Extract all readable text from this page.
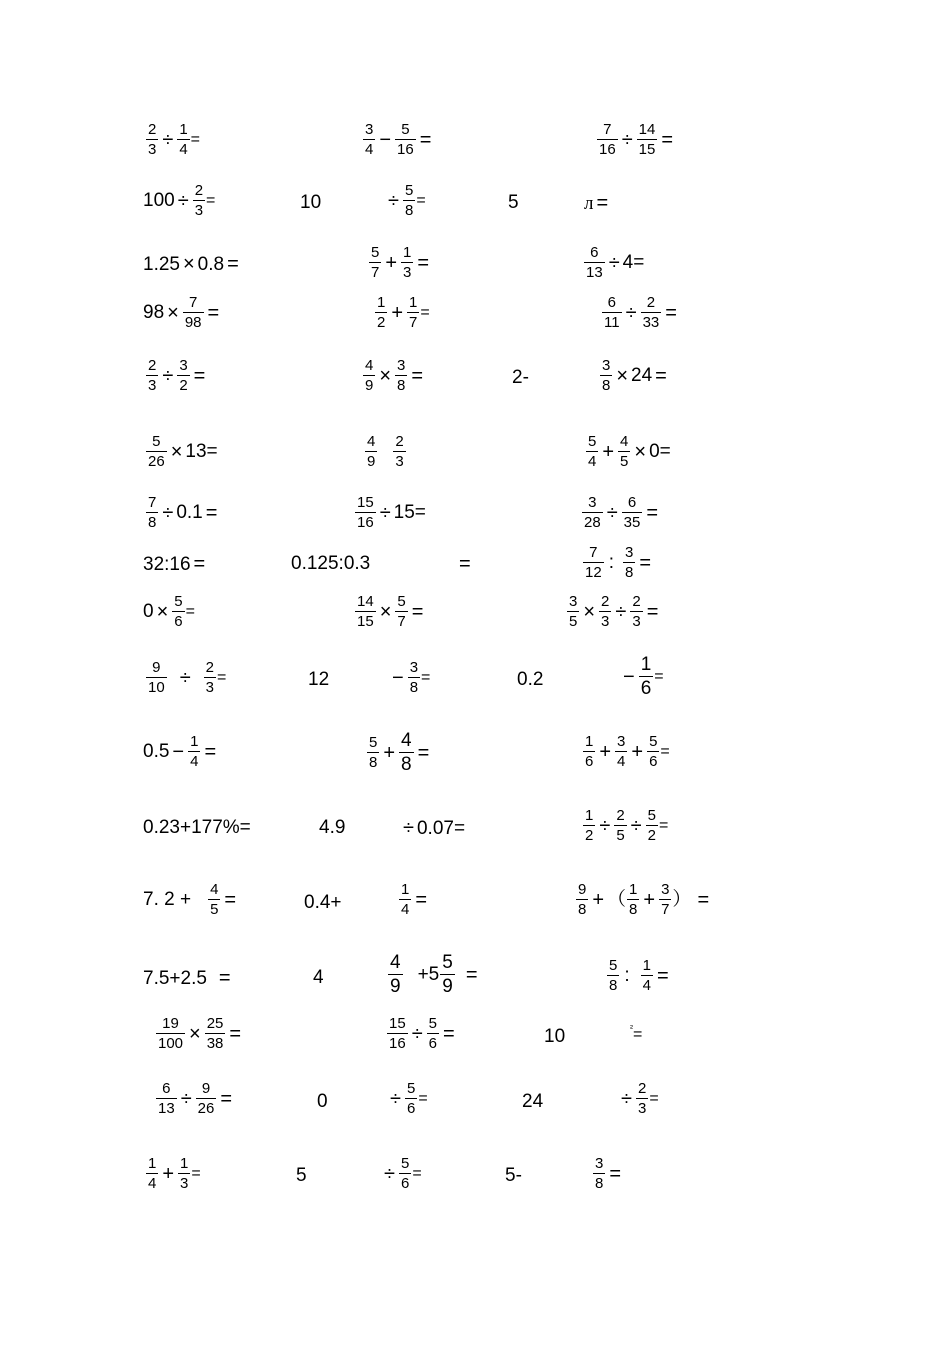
$\frac{2}{3} \div \frac{1}{4}$ =	$\frac{3}{4} - \frac{5}{16}$ =	$\frac{7}{16} \div \frac{14}{15}$ =
$100 \div \frac{2}{3}$ =	10	÷ $\frac{5}{8}$ =	5	л =
1.25 × 0.8 =	$\frac{5}{7} + \frac{1}{3}$ =	$\frac{6}{13} \div 4=$
$98 \times \frac{7}{98}$ =	$\frac{1}{2} + \frac{1}{7}$ =	$\frac{6}{11} \div \frac{2}{33}$ =
$\frac{2}{3} \div \frac{3}{2}$ =	$\frac{4}{9} \times \frac{3}{8}$ =	2-	$\frac{3}{8} \times 24$ =
$\frac{5}{26} \times 13=$	$\frac{4}{9} \frac{2}{3}$	$\frac{5}{4} + \frac{4}{5} \times 0$ =
$\frac{7}{8} \div 0.1$ =	$\frac{15}{16} \div 15=$	$\frac{3}{28} \div \frac{6}{35}$ =
32:16 =	0.125:0.3	=	$\frac{7}{12}$ : $\frac{3}{8}$ =
$0 \times \frac{5}{6}$ =	$\frac{14}{15} \times \frac{5}{7}$ =	$\frac{3}{5} \times \frac{2}{3} \div \frac{2}{3}$ =
$\frac{9}{10} \div \frac{2}{3}$ =	12	− $\frac{3}{8}$ =	0.2	− $\frac{1}{6}$ =
$0.5 - \frac{1}{4}$ =	$\frac{5}{8} + \frac{4}{8}$ =	$\frac{1}{6} + \frac{3}{4} + \frac{5}{6}$ =
0.23+177%=	4.9	÷ 0.07=	$\frac{1}{2} \div \frac{2}{5} \div \frac{5}{2}$ =
7. $2 + \frac{4}{5}$ =	0.4+	$\frac{1}{4}$ =	$\frac{9}{8}$ + （ $\frac{1}{8} + \frac{3}{7}$ ） =
7.5+2.5 =	4	$\frac{4}{9} +5 \frac{5}{9}$ =	$\frac{5}{8}$ : $\frac{1}{4}$ =
$\frac{19}{100} \times \frac{25}{38}$ =	$\frac{15}{16} \div \frac{5}{6}$ =	10	² =
$\frac{6}{13} \div \frac{9}{26}$ =	0	÷ $\frac{5}{6}$ =	24	÷ $\frac{2}{3}$ =
$\frac{1}{4} + \frac{1}{3}$ =	5	÷ $\frac{5}{6}$ =	5-	$\frac{3}{8}$ =
